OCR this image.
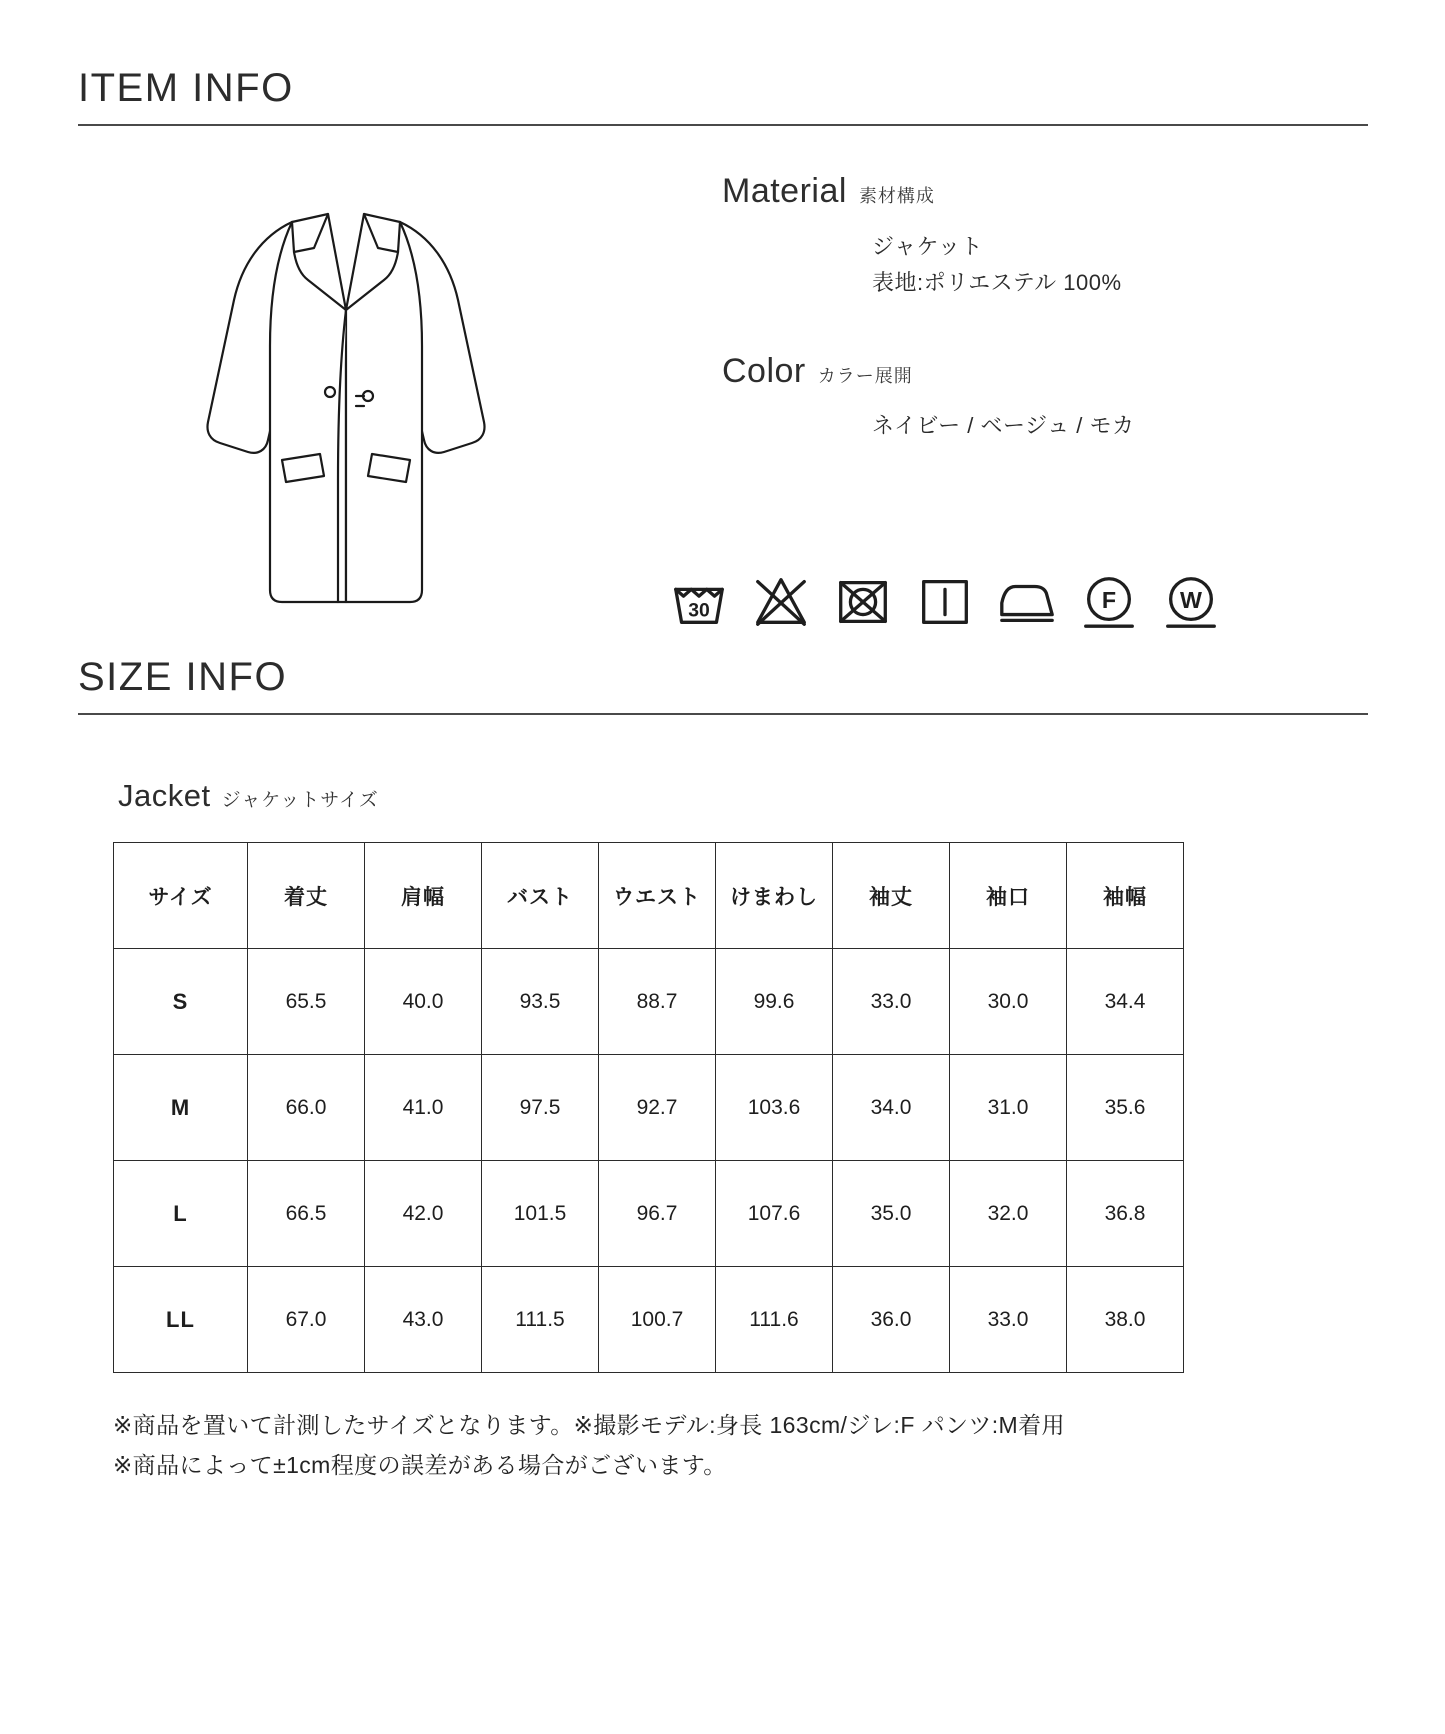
ITEM INFO
Material 素材構成
ジャケット
表地:ポリエステル 100%
Color カラー展開
ネイビー / ベージュ / モカ
30	F	W
SIZE INFO
Jacket ジャケットサイズ
サイズ	着丈	肩幅	バスト	ウエスト	けまわし	袖丈	袖口	袖幅
S	65.5	40.0	93.5	88.7	99.6	33.0	30.0	34.4
M	66.0	41.0	97.5	92.7	103.6	34.0	31.0	35.6
L	66.5	42.0	101.5	96.7	107.6	35.0	32.0	36.8
LL	67.0	43.0	111.5	100.7	111.6	36.0	33.0	38.0
※商品を置いて計測したサイズとなります。※撮影モデル:身長 163cm/ジレ:F パンツ:M着用
※商品によって±1cm程度の誤差がある場合がございます。
